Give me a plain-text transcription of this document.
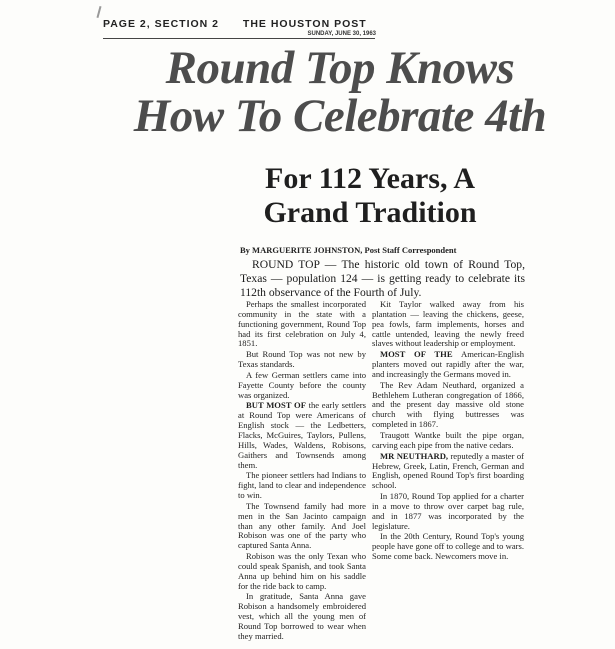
PAGE 2, SECTION 2 THE HOUSTON POST
SUNDAY, JUNE 30, 1963
Round Top Knows
How To Celebrate 4th
For 112 Years, A
Grand Tradition
By MARGUERITE JOHNSTON, Post Staff Correspondent

ROUND TOP — The historic old town of Round Top, Texas — population 124 — is getting ready to celebrate its 112th observance of the Fourth of July.

Perhaps the smallest incorporated community in the state with a functioning government, Round Top had its first celebration on July 4, 1851.

But Round Top was not new by Texas standards.

A few German settlers came into Fayette County before the county was organized.

BUT MOST OF the early settlers at Round Top were Americans of English stock — the Ledbetters, Flacks, McGuires, Taylors, Pullens, Hills, Wades, Waldens, Robisons, Gaithers and Townsends among them.

The pioneer settlers had Indians to fight, land to clear and independence to win.

The Townsend family had more men in the San Jacinto campaign than any other family. And Joel Robison was one of the party who captured Santa Anna.

Robison was the only Texan who could speak Spanish, and took Santa Anna up behind him on his saddle for the ride back to camp.

In gratitude, Santa Anna gave Robison a handsomely embroidered vest, which all the young men of Round Top borrowed to wear when they married.

Kit Taylor walked away from his plantation — leaving the chickens, geese, pea fowls, farm implements, horses and cattle untended, leaving the newly freed slaves without leadership or employment.

MOST OF THE American-English planters moved out rapidly after the war, and increasingly the Germans moved in.

The Rev Adam Neuthard, organized a Bethlehem Lutheran congregation of 1866, and the present day massive old stone church with flying buttresses was completed in 1867.

Traugott Wantke built the pipe organ, carving each pipe from the native cedars.

MR NEUTHARD, reputedly a master of Hebrew, Greek, Latin, French, German and English, opened Round Top's first boarding school.

In 1870, Round Top applied for a charter in a move to throw over carpet bag rule, and in 1877 was incorporated by the legislature.

In the 20th Century, Round Top's young people have gone off to college and to wars. Some come back. Newcomers move in.
